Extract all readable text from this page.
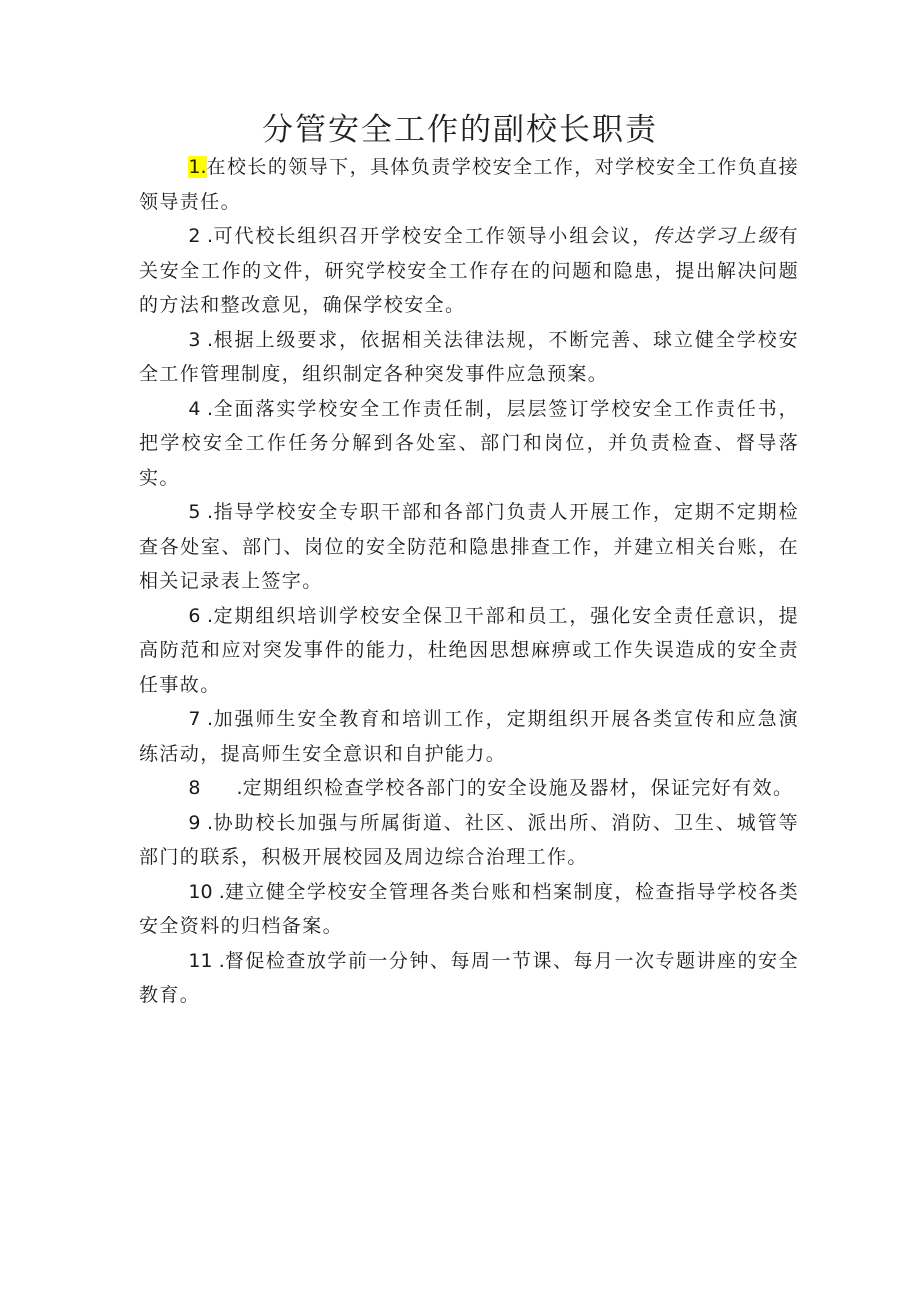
分管安全工作的副校长职责

1.在校长的领导下，具体负责学校安全工作，对学校安全工作负直接领导责任。

2 .可代校长组织召开学校安全工作领导小组会议，传达学习上级有关安全工作的文件，研究学校安全工作存在的问题和隐患，提出解决问题的方法和整改意见，确保学校安全。

3 .根据上级要求，依据相关法律法规，不断完善、球立健全学校安全工作管理制度，组织制定各种突发事件应急预案。

4 .全面落实学校安全工作责任制，层层签订学校安全工作责任书，把学校安全工作任务分解到各处室、部门和岗位，并负责检查、督导落实。

5 .指导学校安全专职干部和各部门负责人开展工作，定期不定期检查各处室、部门、岗位的安全防范和隐患排查工作，并建立相关台账，在相关记录表上签字。

6 .定期组织培训学校安全保卫干部和员工，强化安全责任意识，提高防范和应对突发事件的能力，杜绝因思想麻痹或工作失误造成的安全责任事故。

7 .加强师生安全教育和培训工作，定期组织开展各类宣传和应急演练活动，提高师生安全意识和自护能力。

8 .定期组织检查学校各部门的安全设施及器材，保证完好有效。

9 .协助校长加强与所属街道、社区、派出所、消防、卫生、城管等部门的联系，积极开展校园及周边综合治理工作。

10 .建立健全学校安全管理各类台账和档案制度，检查指导学校各类安全资料的归档备案。

11 .督促检查放学前一分钟、每周一节课、每月一次专题讲座的安全教育。
